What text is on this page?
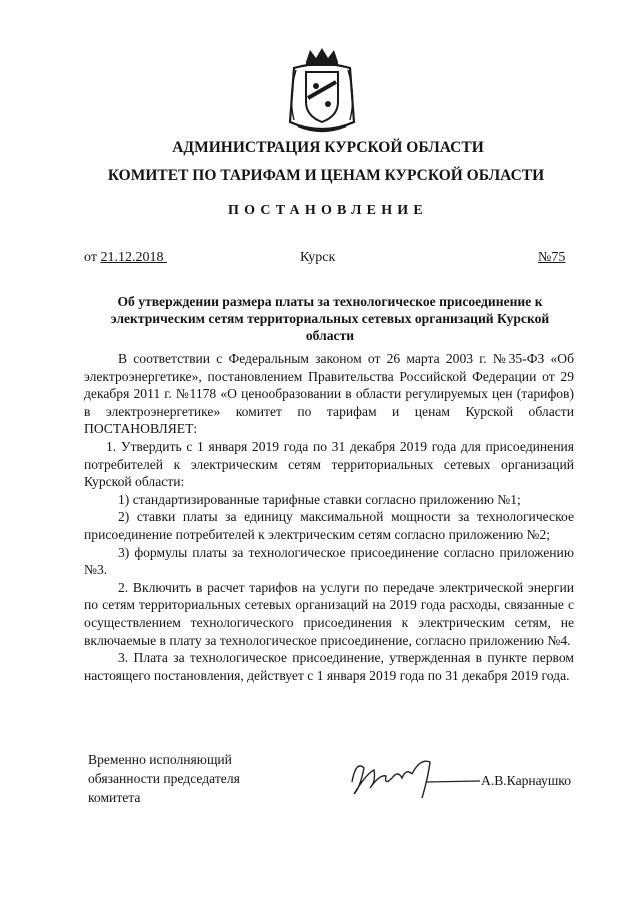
АДМИНИСТРАЦИЯ КУРСКОЙ ОБЛАСТИ
КОМИТЕТ ПО ТАРИФАМ И ЦЕНАМ КУРСКОЙ ОБЛАСТИ
ПОСТАНОВЛЕНИЕ
от 21.12.2018	Курск	№75
Об утверждении размера платы за технологическое присоединение к электрическим сетям территориальных сетевых организаций Курской области

В соответствии с Федеральным законом от 26 марта 2003 г. №35-ФЗ «Об электроэнергетике», постановлением Правительства Российской Федерации от 29 декабря 2011 г. №1178 «О ценообразовании в области регулируемых цен (тарифов) в электроэнергетике» комитет по тарифам и ценам Курской области ПОСТАНОВЛЯЕТ:

1. Утвердить с 1 января 2019 года по 31 декабря 2019 года для присоединения потребителей к электрическим сетям территориальных сетевых организаций Курской области:

1) стандартизированные тарифные ставки согласно приложению №1;

2) ставки платы за единицу максимальной мощности за технологическое присоединение потребителей к электрическим сетям согласно приложению №2;

3) формулы платы за технологическое присоединение согласно приложению №3.

2. Включить в расчет тарифов на услуги по передаче электрической энергии по сетям территориальных сетевых организаций на 2019 года расходы, связанные с осуществлением технологического присоединения к электрическим сетям, не включаемые в плату за технологическое присоединение, согласно приложению №4.

3. Плата за технологическое присоединение, утвержденная в пункте первом настоящего постановления, действует с 1 января 2019 года по 31 декабря 2019 года.

Временно исполняющий
обязанности председателя
комитета
А.В.Карнаушко
